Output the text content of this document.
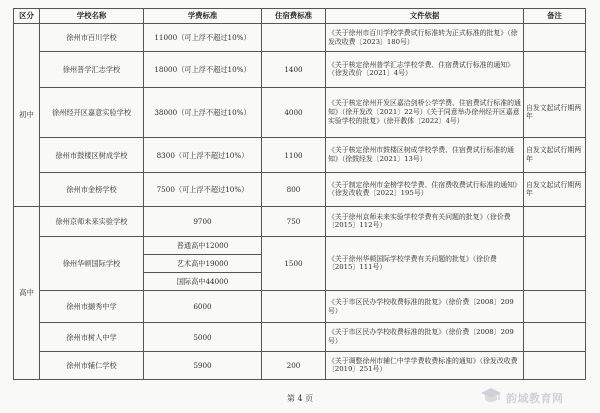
区分	学校名称	学费标准	住宿费标准	文件依据	备注
初中	徐州市百川学校	11000（可上浮不超过10%）		《关于徐州市百川学校学费试行标准转为正式标准的批复》（徐发改收费〔2023〕180号）	
	徐州普学汇志学校	18000（可上浮不超过10%）	1400	《关于核定徐州普学汇志学校学费、住宿费试行标准的通知》（徐发改价〔2021〕4号）	
	徐州经开区嘉意实验学校	38000（可上浮不超过10%）	4000	《关于核定徐州开发区嘉洽剑桥公学学费、住宿费试行标准的通知》（徐开发改〔2021〕22号）《关于同意举办徐州经开区嘉意实验学校的批复》（徐开教体〔2022〕4号）	自发文起试行期两年
	徐州市鼓楼区树成学校	8300（可上浮不超过10%）	1100	《关于核定徐州市鼓楼区树成学校学费、住宿费试行标准的通知》（徐鼓经发〔2021〕13号）	自发文起试行期两年
	徐州市金榜学校	7500（可上浮不超过10%）	800	《关于制定徐州市金榜学校学费、住宿费收费试行标准的通知》（徐发改收费〔2022〕195号）	自发文起试行期两年
高中	徐州京师未来实验学校	9700	750	《关于徐州京师未来实验学校学费有关问题的批复》（徐价费〔2015〕112号）	
	徐州华顿国际学校	普通高中12000	1500	《关于徐州华顿国际学校学费有关问题的批复》（徐价费〔2015〕111号）	
		艺术高中19000			
		国际高中44000			
	徐州市撷秀中学	6000		《关于市区民办学校收费标准的批复》（徐价费〔2008〕209号）	
	徐州市树人中学	5000		《关于市区民办学校收费标准的批复》（徐价费〔2008〕209号）	
	徐州市辅仁学校	5900	200	《关于调整徐州市辅仁中学学费收费标准的通知》（徐发改收费〔2019〕251号）	
第 4 页	韵域教育网
